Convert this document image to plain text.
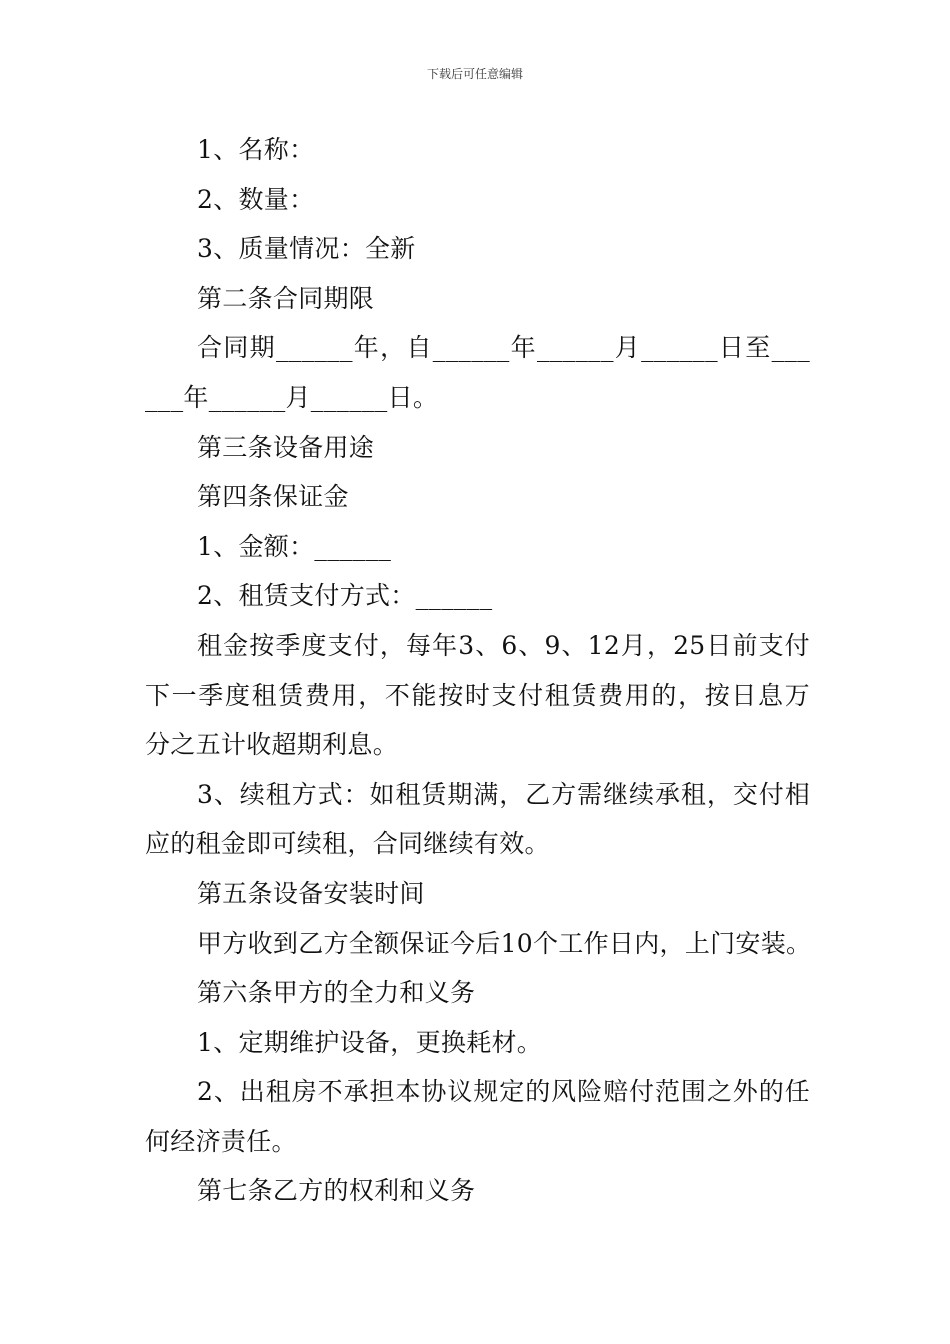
下载后可任意编辑
1、名称：
2、数量：
3、质量情况：全新
第二条合同期限
合同期______年，自______年______月______日至___
___年______月______日。
第三条设备用途
第四条保证金
1、金额：______
2、租赁支付方式：______
租金按季度支付，每年3、6、9、12月，25日前支付
下一季度租赁费用，不能按时支付租赁费用的，按日息万
分之五计收超期利息。
3、续租方式：如租赁期满，乙方需继续承租，交付相
应的租金即可续租，合同继续有效。
第五条设备安装时间
甲方收到乙方全额保证今后10个工作日内，上门安装。
第六条甲方的全力和义务
1、定期维护设备，更换耗材。
2、出租房不承担本协议规定的风险赔付范围之外的任
何经济责任。
第七条乙方的权利和义务
